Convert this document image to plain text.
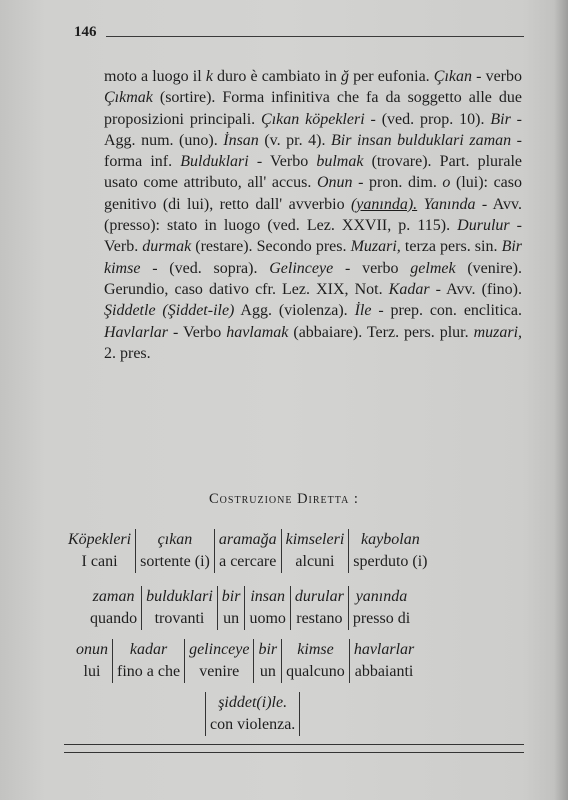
146

moto a luogo il k duro è cambiato in ğ per eufonia. Çıkan - verbo Çıkmak (sortire). Forma infinitiva che fa da soggetto alle due proposizioni principali. Çıkan köpekleri - (ved. prop. 10). Bir - Agg. num. (uno). İnsan (v. pr. 4). Bir insan bulduklari zaman - forma inf. Bulduklari - Verbo bulmak (trovare). Part. plurale usato come attributo, all' accus. Onun - pron. dim. o (lui): caso genitivo (di lui), retto dall' avverbio (yanında). Yanında - Avv. (presso): stato in luogo (ved. Lez. XXVII, p. 115). Durulur - Verb. durmak (restare). Secondo pres. Muzari, terza pers. sin. Bir kimse - (ved. sopra). Gelinceye - verbo gelmek (venire). Gerundio, caso dativo cfr. Lez. XIX, Not. Kadar - Avv. (fino). Şiddetle (Şiddet-ile) Agg. (violenza). İle - prep. con. enclitica. Havlarlar - Verbo havlamak (abbaiare). Terz. pers. plur. muzari, 2. pres.

Costruzione Diretta :
Köpekleri	çıkan	aramağa	kimseleri	kaybolan
I cani	sortente (i)	a cercare	alcuni	sperduto (i)
zaman	bulduklari	bir	insan	durular	yanında
quando	trovanti	un	uomo	restano	presso di
onun	kadar	gelinceye	bir	kimse	havlarlar
lui	fino a che	venire	un	qualcuno	abbaianti
şiddet(i)le.
con violenza.
